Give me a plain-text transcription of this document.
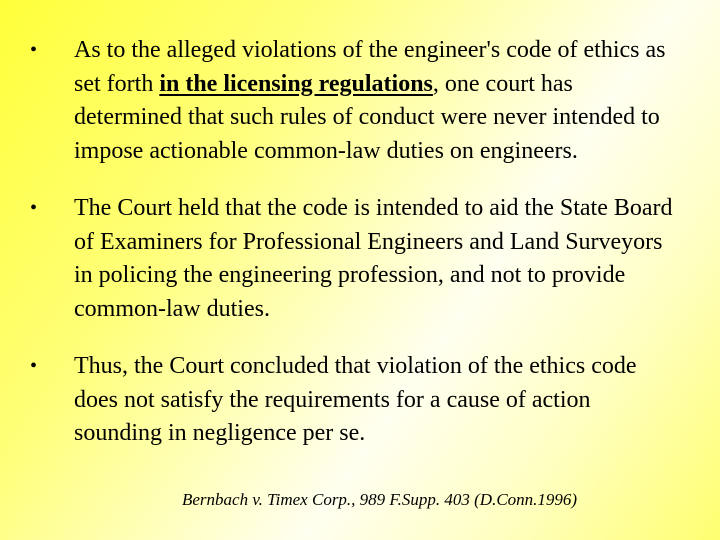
•	As to the alleged violations of the engineer's code of ethics as set forth in the licensing regulations, one court has determined that such rules of conduct were never intended to impose actionable common-law duties on engineers.
•	The Court held that the code is intended to aid the State Board of Examiners for Professional Engineers and Land Surveyors in policing the engineering profession, and not to provide common-law duties.
•	Thus, the Court concluded that violation of the ethics code does not satisfy the requirements for a cause of action sounding in negligence per se.
Bernbach v. Timex Corp., 989 F.Supp. 403 (D.Conn.1996)
